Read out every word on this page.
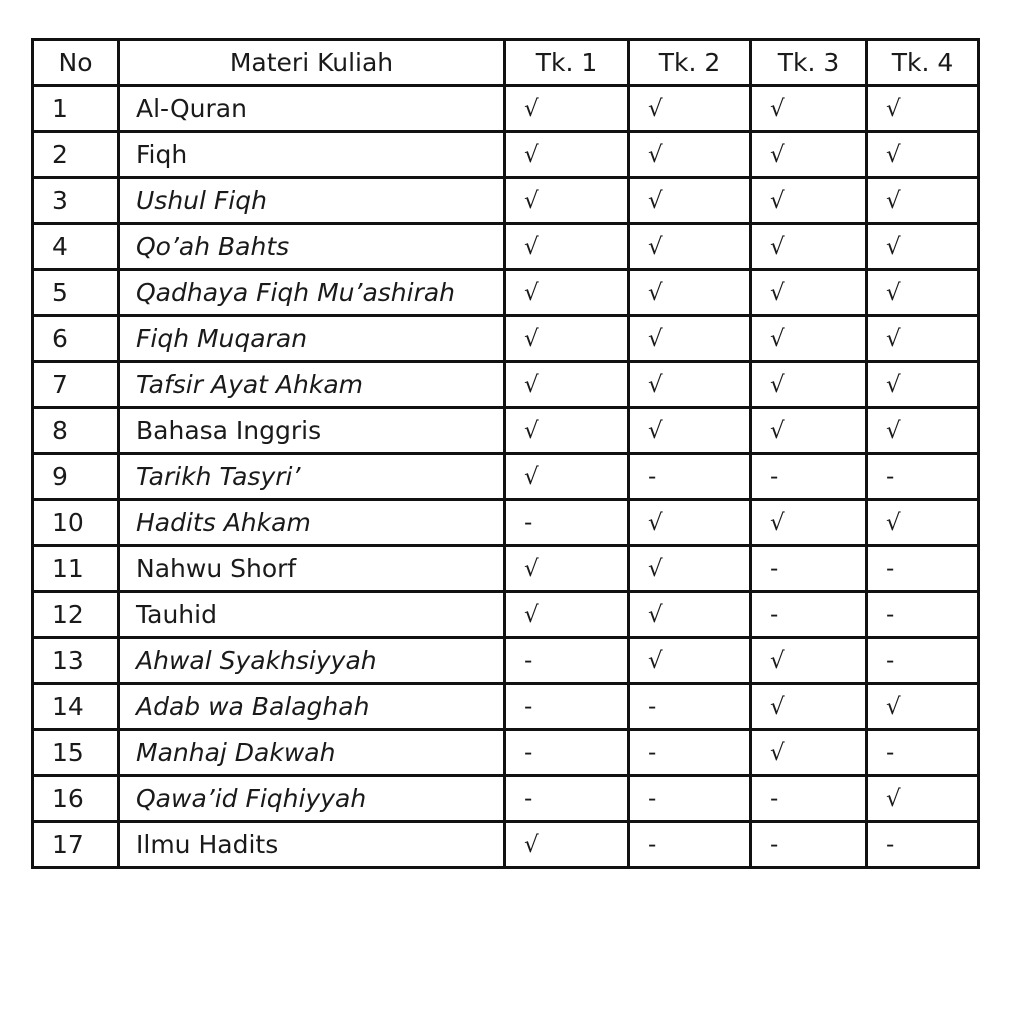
No	Materi Kuliah	Tk. 1	Tk. 2	Tk. 3	Tk. 4
1	Al-Quran	√	√	√	√
2	Fiqh	√	√	√	√
3	Ushul Fiqh	√	√	√	√
4	Qo’ah Bahts	√	√	√	√
5	Qadhaya Fiqh Mu’ashirah	√	√	√	√
6	Fiqh Muqaran	√	√	√	√
7	Tafsir Ayat Ahkam	√	√	√	√
8	Bahasa Inggris	√	√	√	√
9	Tarikh Tasyri’	√	-	-	-
10	Hadits Ahkam	-	√	√	√
11	Nahwu Shorf	√	√	-	-
12	Tauhid	√	√	-	-
13	Ahwal Syakhsiyyah	-	√	√	-
14	Adab wa Balaghah	-	-	√	√
15	Manhaj Dakwah	-	-	√	-
16	Qawa’id Fiqhiyyah	-	-	-	√
17	Ilmu Hadits	√	-	-	-
